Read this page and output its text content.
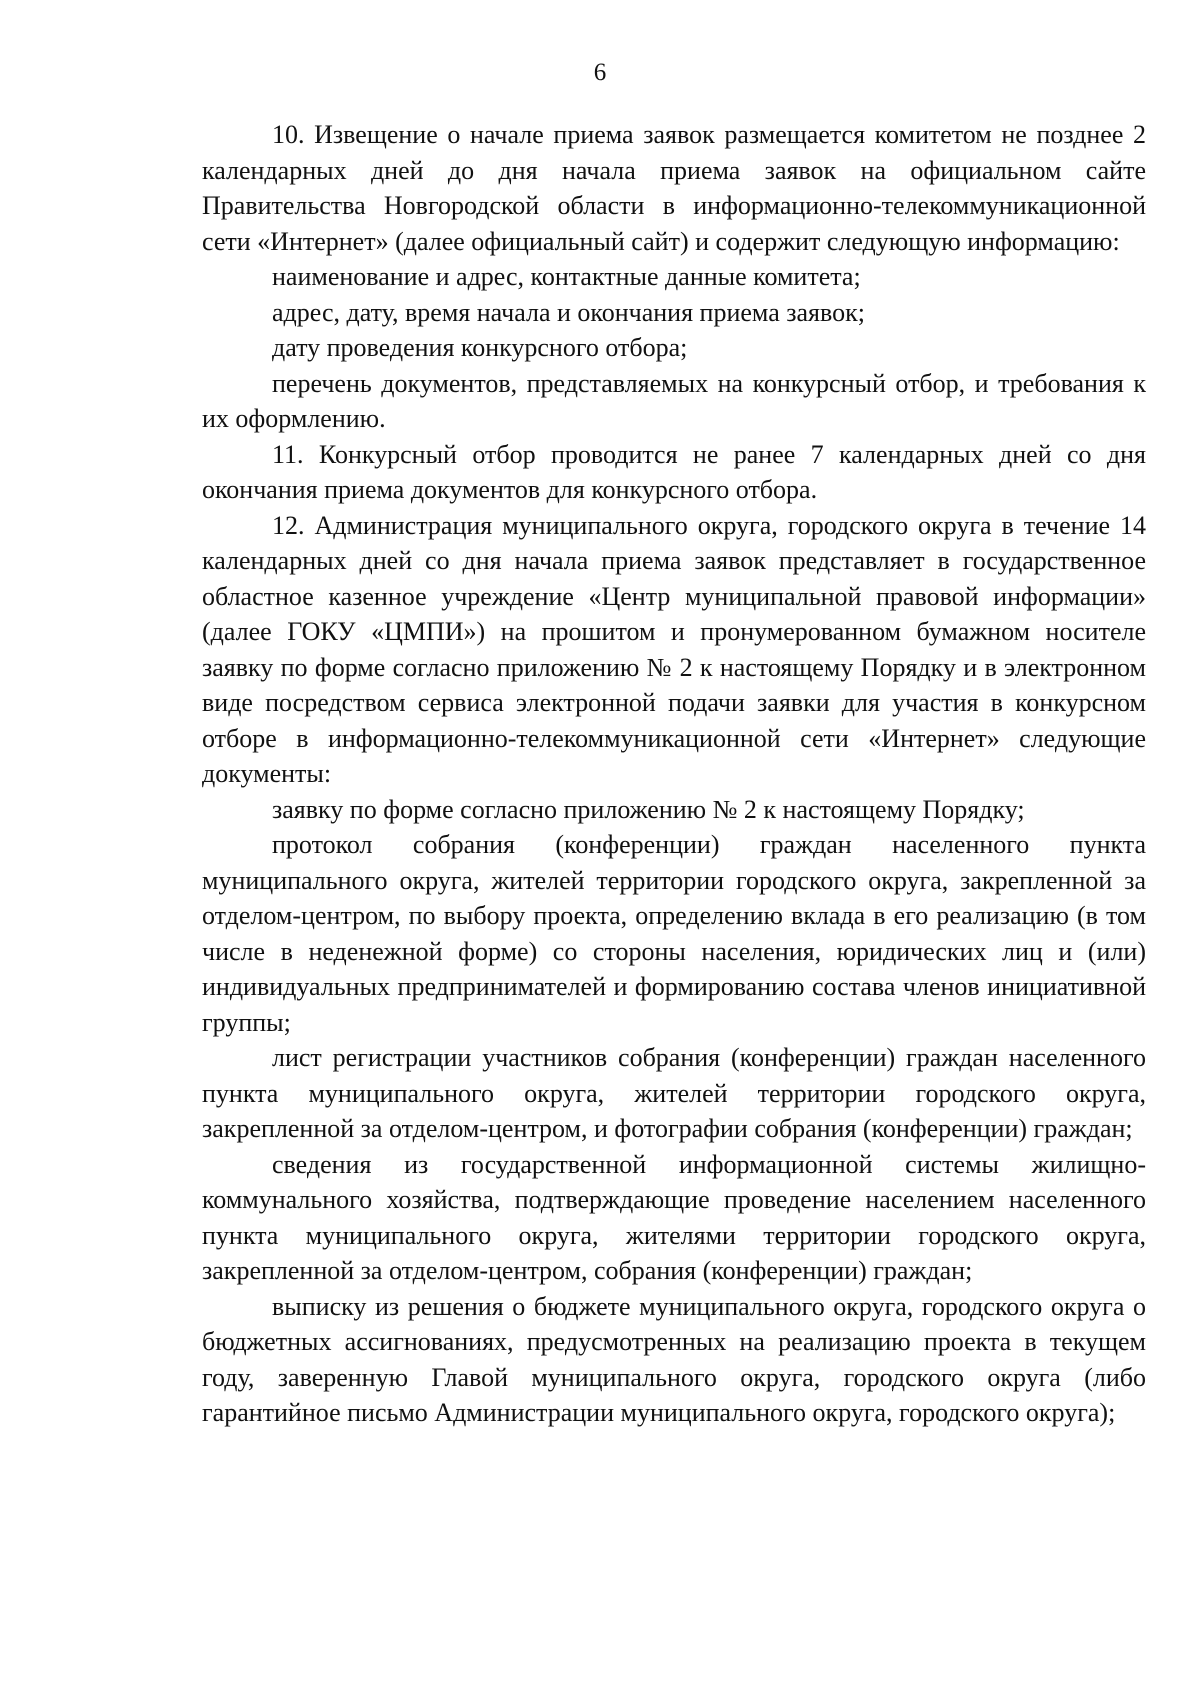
6

10. Извещение о начале приема заявок размещается комитетом не позднее 2 календарных дней до дня начала приема заявок на официальном сайте Правительства Новгородской области в информационно-телекоммуникационной сети «Интернет» (далее официальный сайт) и содержит следующую информацию:

наименование и адрес, контактные данные комитета;

адрес, дату, время начала и окончания приема заявок;

дату проведения конкурсного отбора;

перечень документов, представляемых на конкурсный отбор, и требования к их оформлению.

11. Конкурсный отбор проводится не ранее 7 календарных дней со дня окончания приема документов для конкурсного отбора.

12. Администрация муниципального округа, городского округа в течение 14 календарных дней со дня начала приема заявок представляет в государственное областное казенное учреждение «Центр муниципальной правовой информации» (далее ГОКУ «ЦМПИ») на прошитом и пронумерованном бумажном носителе заявку по форме согласно приложению № 2 к настоящему Порядку и в электронном виде посредством сервиса электронной подачи заявки для участия в конкурсном отборе в информационно-телекоммуникационной сети «Интернет» следующие документы:

заявку по форме согласно приложению № 2 к настоящему Порядку;

протокол собрания (конференции) граждан населенного пункта муниципального округа, жителей территории городского округа, закрепленной за отделом-центром, по выбору проекта, определению вклада в его реализацию (в том числе в неденежной форме) со стороны населения, юридических лиц и (или) индивидуальных предпринимателей и формированию состава членов инициативной группы;

лист регистрации участников собрания (конференции) граждан населенного пункта муниципального округа, жителей территории городского округа, закрепленной за отделом-центром, и фотографии собрания (конференции) граждан;

сведения из государственной информационной системы жилищно-коммунального хозяйства, подтверждающие проведение населением населенного пункта муниципального округа, жителями территории городского округа, закрепленной за отделом-центром, собрания (конференции) граждан;

выписку из решения о бюджете муниципального округа, городского округа о бюджетных ассигнованиях, предусмотренных на реализацию проекта в текущем году, заверенную Главой муниципального округа, городского округа (либо гарантийное письмо Администрации муниципального округа, городского округа);
